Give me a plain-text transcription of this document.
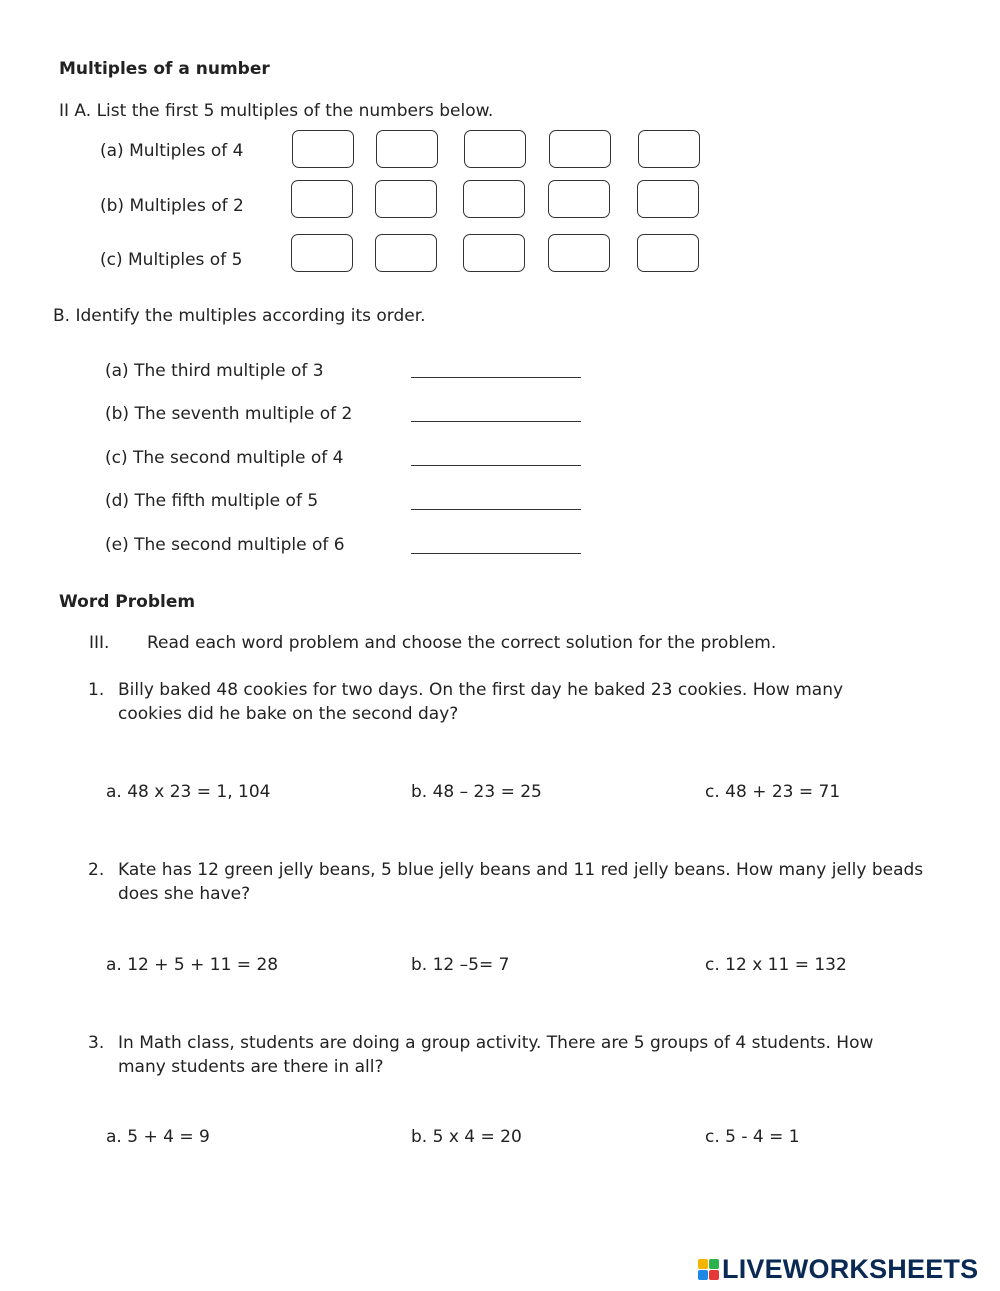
Multiples of a number
II A. List the first 5 multiples of the numbers below.
(a) Multiples of 4
(b) Multiples of 2
(c) Multiples of 5
B. Identify the multiples according its order.
(a) The third multiple of 3
(b) The seventh multiple of 2
(c) The second multiple of 4
(d) The fifth multiple of 5
(e) The second multiple of 6
Word Problem
III. Read each word problem and choose the correct solution for the problem.
1. Billy baked 48 cookies for two days. On the first day he baked 23 cookies. How many
cookies did he bake on the second day?
a. 48 x 23 = 1, 104	b. 48 – 23 = 25	c. 48 + 23 = 71
2. Kate has 12 green jelly beans, 5 blue jelly beans and 11 red jelly beans. How many jelly beads
does she have?
a. 12 + 5 + 11 = 28	b. 12 –5= 7	c. 12 x 11 = 132
3. In Math class, students are doing a group activity. There are 5 groups of 4 students. How
many students are there in all?
a. 5 + 4 = 9	b. 5 x 4 = 20	c. 5 - 4 = 1
LIVEWORKSHEETS
